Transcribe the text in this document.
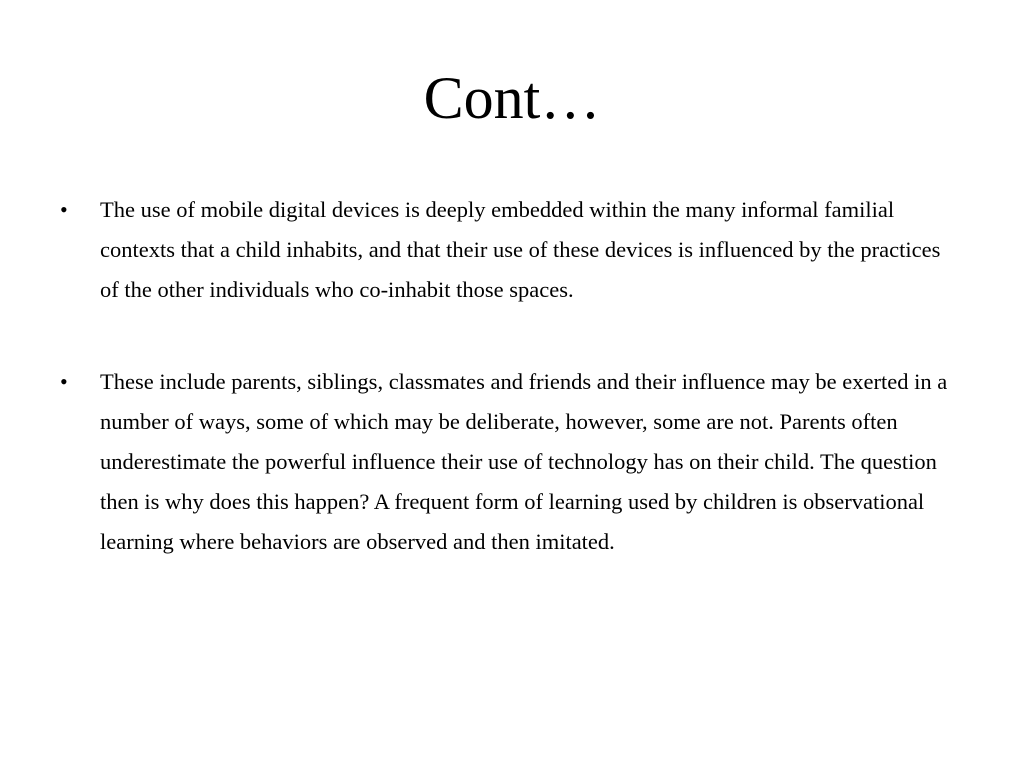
Cont…
• The use of mobile digital devices is deeply embedded within the many informal familial contexts that a child inhabits, and that their use of these devices is influenced by the practices of the other individuals who co-inhabit those spaces.
• These include parents, siblings, classmates and friends and their influence may be exerted in a number of ways, some of which may be deliberate, however, some are not. Parents often underestimate the powerful influence their use of technology has on their child. The question then is why does this happen? A frequent form of learning used by children is observational learning where behaviors are observed and then imitated.
